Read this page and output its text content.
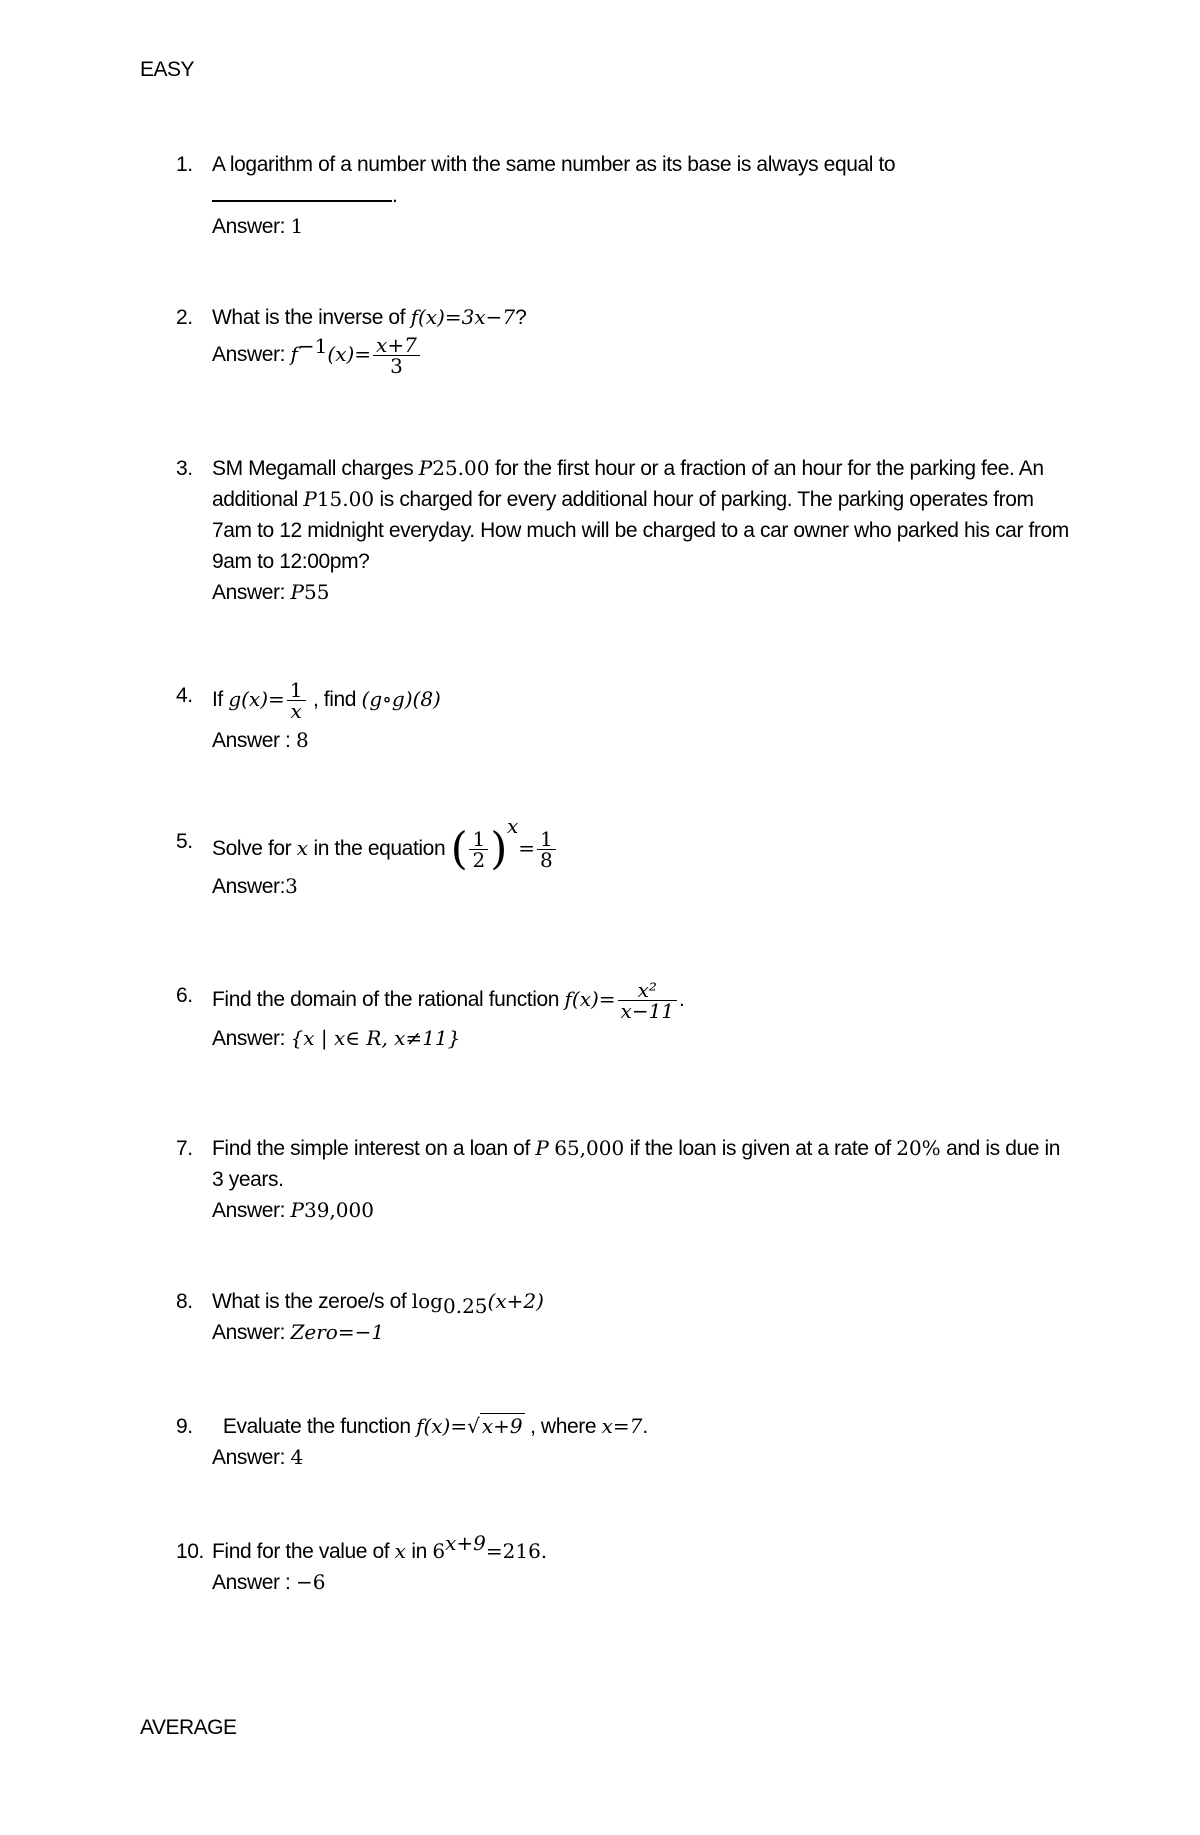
EASY
1. A logarithm of a number with the same number as its base is always equal to

.

Answer: 1

2. What is the inverse of f(x)=3x−7?

Answer: $f^{-1}(x)= \frac{x+7}{3}$

3. SM Megamall charges P25.00 for the first hour or a fraction of an hour for the parking fee. An additional P15.00 is charged for every additional hour of parking. The parking operates from 7am to 12 midnight everyday. How much will be charged to a car owner who parked his car from 9am to 12:00pm?

Answer: P55

4. If $g(x)= \frac{1}{x}$ , find (g∘g)(8)

Answer : 8

5. Solve for x in the equation ( $\frac{1}{2} )^x= \frac{1}{8}$

Answer:3

6. Find the domain of the rational function $f(x)= \frac{\text{x²}}{x-11}$ .

Answer: {x | x∈ R, x≠11}

7. Find the simple interest on a loan of P 65,000 if the loan is given at a rate of 20% and is due in 3 years.

Answer: P39,000

8. What is the zeroe/s of $\log_{0.25}(x+2)$

Answer: Zero=−1

9.	Evaluate the function f(x)=√ x+9 , where x=7.

Answer: 4

10. Find for the value of x in $6^{x+9}=216$.

Answer : −6

AVERAGE
